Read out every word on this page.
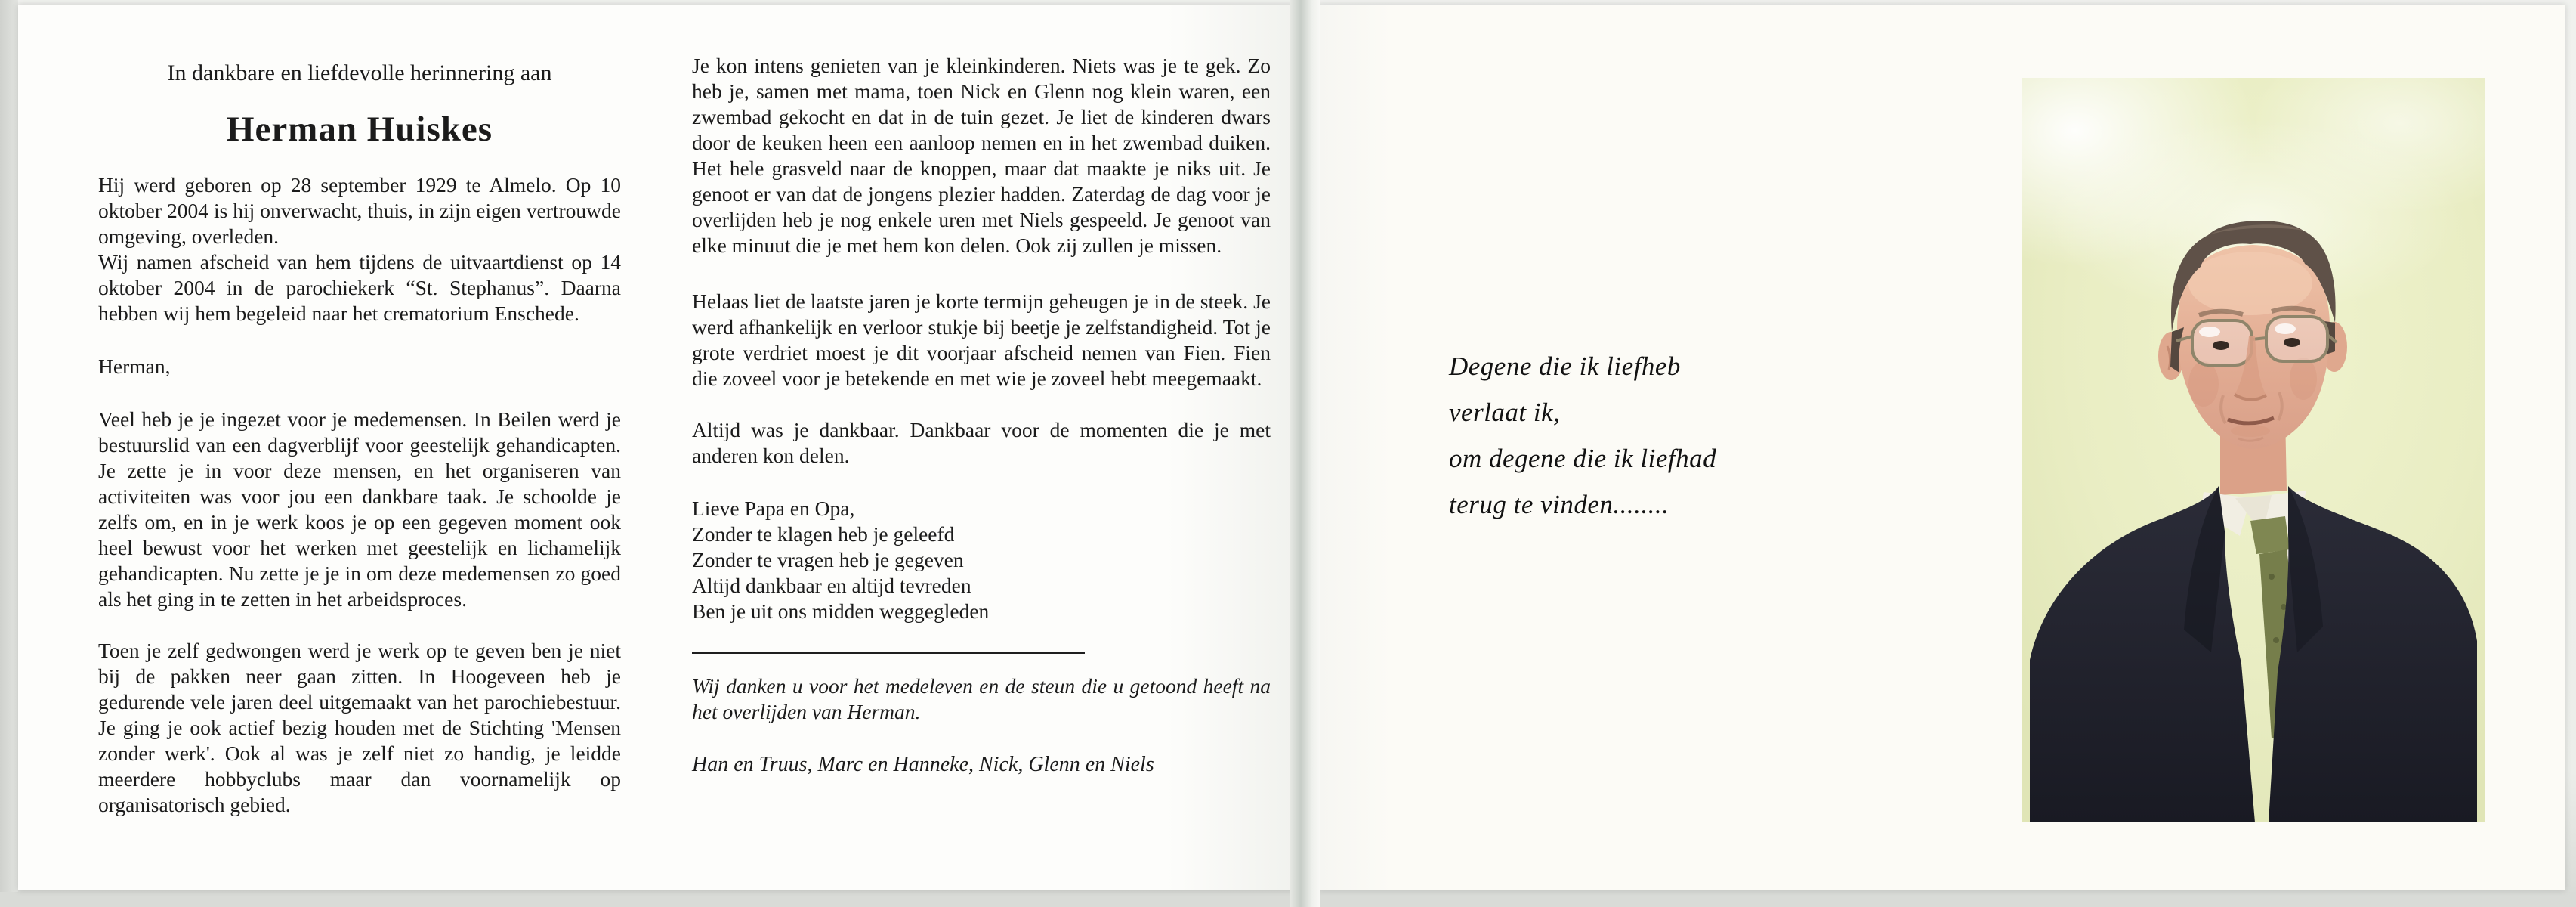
In dankbare en liefdevolle herinnering aan
Herman Huiskes
Hij werd geboren op 28 september 1929 te Almelo. Op 10 oktober 2004 is hij onverwacht, thuis, in zijn eigen vertrouwde omgeving, overleden.
Wij namen afscheid van hem tijdens de uitvaartdienst op 14 oktober 2004 in de parochiekerk “St. Stephanus”. Daarna hebben wij hem begeleid naar het crematorium Enschede.
Herman,
Veel heb je je ingezet voor je medemensen. In Beilen werd je bestuurslid van een dagverblijf voor geestelijk gehandicapten. Je zette je in voor deze mensen, en het organiseren van activiteiten was voor jou een dankbare taak. Je schoolde je zelfs om, en in je werk koos je op een gegeven moment ook heel bewust voor het werken met geestelijk en lichamelijk gehandicapten. Nu zette je je in om deze medemensen zo goed als het ging in te zetten in het arbeidsproces.
Toen je zelf gedwongen werd je werk op te geven ben je niet bij de pakken neer gaan zitten. In Hoogeveen heb je gedurende vele jaren deel uitgemaakt van het parochiebestuur. Je ging je ook actief bezig houden met de Stichting 'Mensen zonder werk'. Ook al was je zelf niet zo handig, je leidde meerdere hobbyclubs maar dan voornamelijk op organisatorisch gebied.
Je kon intens genieten van je kleinkinderen. Niets was je te gek. Zo heb je, samen met mama, toen Nick en Glenn nog klein waren, een zwembad gekocht en dat in de tuin gezet. Je liet de kinderen dwars door de keuken heen een aanloop nemen en in het zwembad duiken. Het hele grasveld naar de knoppen, maar dat maakte je niks uit. Je genoot er van dat de jongens plezier hadden. Zaterdag de dag voor je overlijden heb je nog enkele uren met Niels gespeeld. Je genoot van elke minuut die je met hem kon delen. Ook zij zullen je missen.
Helaas liet de laatste jaren je korte termijn geheugen je in de steek. Je werd afhankelijk en verloor stukje bij beetje je zelfstandigheid. Tot je grote verdriet moest je dit voorjaar afscheid nemen van Fien. Fien die zoveel voor je betekende en met wie je zoveel hebt meegemaakt.
Altijd was je dankbaar. Dankbaar voor de momenten die je met anderen kon delen.
Lieve Papa en Opa,
Zonder te klagen heb je geleefd
Zonder te vragen heb je gegeven
Altijd dankbaar en altijd tevreden
Ben je uit ons midden weggegleden
Wij danken u voor het medeleven en de steun die u getoond heeft na het overlijden van Herman.
Han en Truus, Marc en Hanneke, Nick, Glenn en Niels
Degene die ik liefheb
verlaat ik,
om degene die ik liefhad
terug te vinden........
